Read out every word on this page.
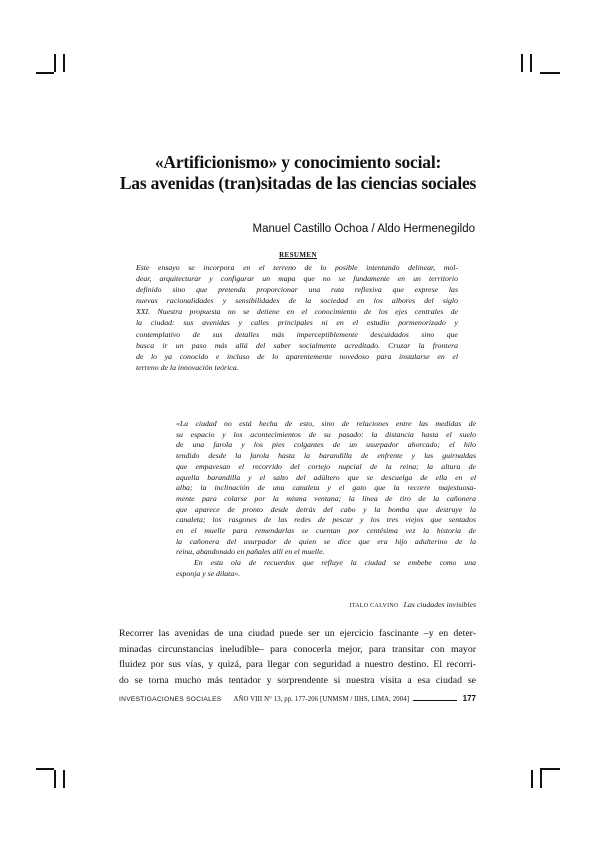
«Artificionismo» y conocimiento social:
Las avenidas (tran)sitadas de las ciencias sociales
Manuel Castillo Ochoa / Aldo Hermenegildo
RESUMEN
Este ensayo se incorpora en el terreno de lo posible intentando delinear, mol-
dear, arquitecturar y configurar un mapa que no se fundamente en un territorio
definido sino que pretenda proporcionar una ruta reflexiva que exprese las
nuevas racionalidades y sensibilidades de la sociedad en los albores del siglo
XXI. Nuestra propuesta no se detiene en el conocimiento de los ejes centrales de
la ciudad: sus avenidas y calles principales ni en el estudio pormenorizado y
contemplativo de sus detalles más imperceptiblemente descuidados sino que
busca ir un paso más allá del saber socialmente acreditado. Cruzar la frontera
de lo ya conocido e incluso de lo aparentemente novedoso para instalarse en el
terreno de la innovación teórica.
«La ciudad no está hecha de esto, sino de relaciones entre las medidas de
su espacio y los acontecimientos de su pasado: la distancia hasta el suelo
de una farola y los pies colgantes de un usurpador ahorcado; el hilo
tendido desde la farola hasta la barandilla de enfrente y las guirnaldas
que empavesan el recorrido del cortejo nupcial de la reina; la altura de
aquella barandilla y el salto del adúltero que se descuelga de ella en el
alba; la inclinación de una canaleta y el gato que la recorre majestuosa-
mente para colarse por la misma ventana; la línea de tiro de la cañonera
que aparece de pronto desde detrás del cabo y la bomba que destruye la
canaleta; los rasgones de las redes de pescar y los tres viejos que sentados
en el muelle para remendarlas se cuentan por centésima vez la historia de
la cañonera del usurpador de quien se dice que era hijo adulterino de la
reina, abandonado en pañales allí en el muelle.
En esta ola de recuerdos que refluye la ciudad se embebe como una
esponja y se dilata».
ITALO CALVINO Las ciudades invisibles
Recorrer las avenidas de una ciudad puede ser un ejercicio fascinante –y en deter-
minadas circunstancias ineludible– para conocerla mejor, para transitar con mayor
fluidez por sus vías, y quizá, para llegar con seguridad a nuestro destino. El recorri-
do se torna mucho más tentador y sorprendente si nuestra visita a esa ciudad se
INVESTIGACIONES SOCIALES AÑO VIII N° 13, pp. 177-206 [UNMSM / IIHS, LIMA, 2004]	177
